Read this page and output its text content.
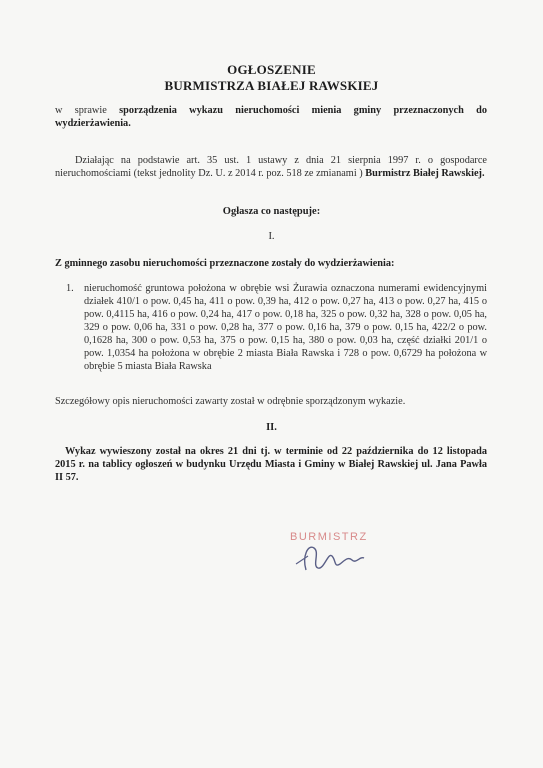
OGŁOSZENIE
BURMISTRZA BIAŁEJ RAWSKIEJ
w sprawie sporządzenia wykazu nieruchomości mienia gminy przeznaczonych do wydzierżawienia.
Działając na podstawie art. 35 ust. 1 ustawy z dnia 21 sierpnia 1997 r. o gospodarce nieruchomościami (tekst jednolity Dz. U. z 2014 r. poz. 518 ze zmianami ) Burmistrz Białej Rawskiej.
Ogłasza co następuje:
I.
Z gminnego zasobu nieruchomości przeznaczone zostały do wydzierżawienia:
1. nieruchomość gruntowa położona w obrębie wsi Żurawia oznaczona numerami ewidencyjnymi działek 410/1 o pow. 0,45 ha, 411 o pow. 0,39 ha, 412 o pow. 0,27 ha, 413 o pow. 0,27 ha, 415 o pow. 0,4115 ha, 416 o pow. 0,24 ha, 417 o pow. 0,18 ha, 325 o pow. 0,32 ha, 328 o pow. 0,05 ha, 329 o pow. 0,06 ha, 331 o pow. 0,28 ha, 377 o pow. 0,16 ha, 379 o pow. 0,15 ha, 422/2 o pow. 0,1628 ha, 300 o pow. 0,53 ha, 375 o pow. 0,15 ha, 380 o pow. 0,03 ha, część działki 201/1 o pow. 1,0354 ha położona w obrębie 2 miasta Biała Rawska i 728 o pow. 0,6729 ha położona w obrębie 5 miasta Biała Rawska
Szczegółowy opis nieruchomości zawarty został w odrębnie sporządzonym wykazie.
II.
Wykaz wywieszony został na okres 21 dni tj. w terminie od 22 października do 12 listopada 2015 r. na tablicy ogłoszeń w budynku Urzędu Miasta i Gminy w Białej Rawskiej ul. Jana Pawła II 57.
BURMISTRZ
